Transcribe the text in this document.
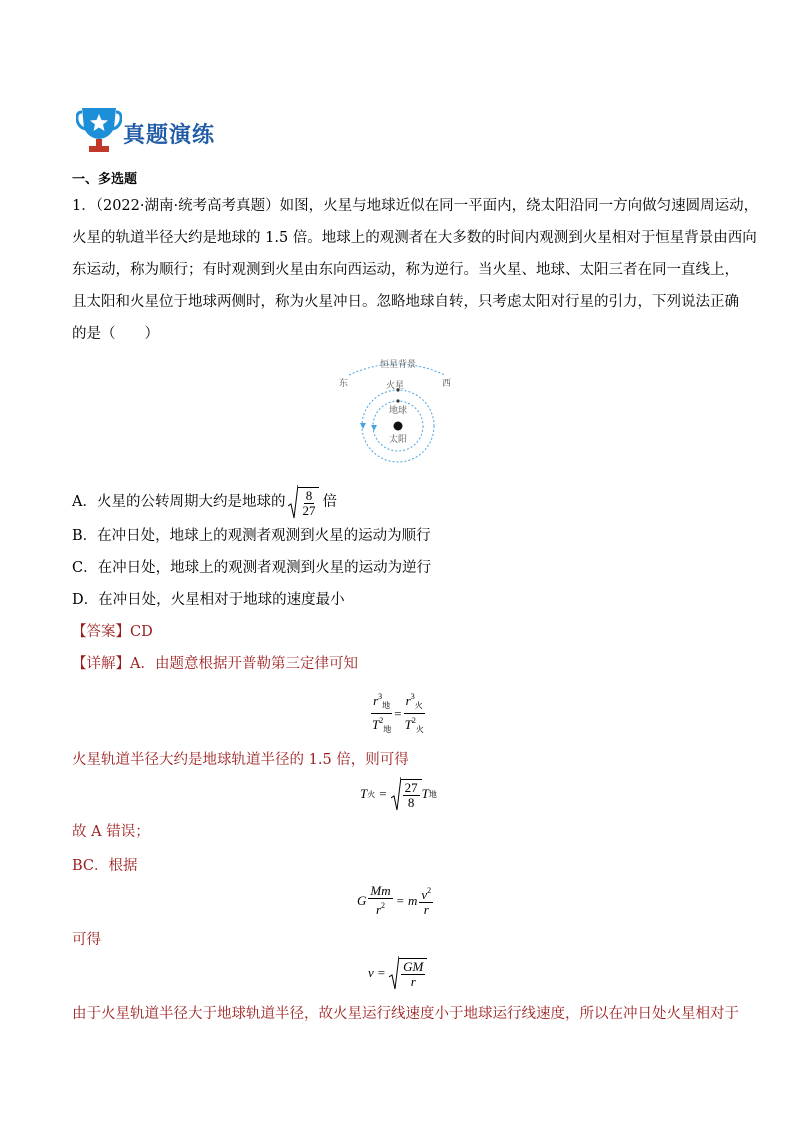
真题演练
一、多选题
1．（2022·湖南·统考高考真题）如图，火星与地球近似在同一平面内，绕太阳沿同一方向做匀速圆周运动，
火星的轨道半径大约是地球的 1.5 倍。地球上的观测者在大多数的时间内观测到火星相对于恒星背景由西向
东运动，称为顺行；有时观测到火星由东向西运动，称为逆行。当火星、地球、太阳三者在同一直线上，
且太阳和火星位于地球两侧时，称为火星冲日。忽略地球自转，只考虑太阳对行星的引力，下列说法正确
的是（　　）
恒星背景
东	西
火星
地球
太阳
A．火星的公转周期大约是地球的 $\frac{8}{27}$ 倍
B．在冲日处，地球上的观测者观测到火星的运动为顺行
C．在冲日处，地球上的观测者观测到火星的运动为逆行
D．在冲日处，火星相对于地球的速度最小
【答案】CD
【详解】A．由题意根据开普勒第三定律可知
$\frac{r^3_地}{T^2_地} = \frac{r^3_火}{T^2_火}$
火星轨道半径大约是地球轨道半径的 1.5 倍，则可得
T 火 = $\frac{27}{8}$ T 地
故 A 错误；
BC．根据
G $\frac{Mm}{r^2} = m \frac{v^2}{r}$
可得
$v = \frac{GM}{r}$
由于火星轨道半径大于地球轨道半径，故火星运行线速度小于地球运行线速度，所以在冲日处火星相对于
